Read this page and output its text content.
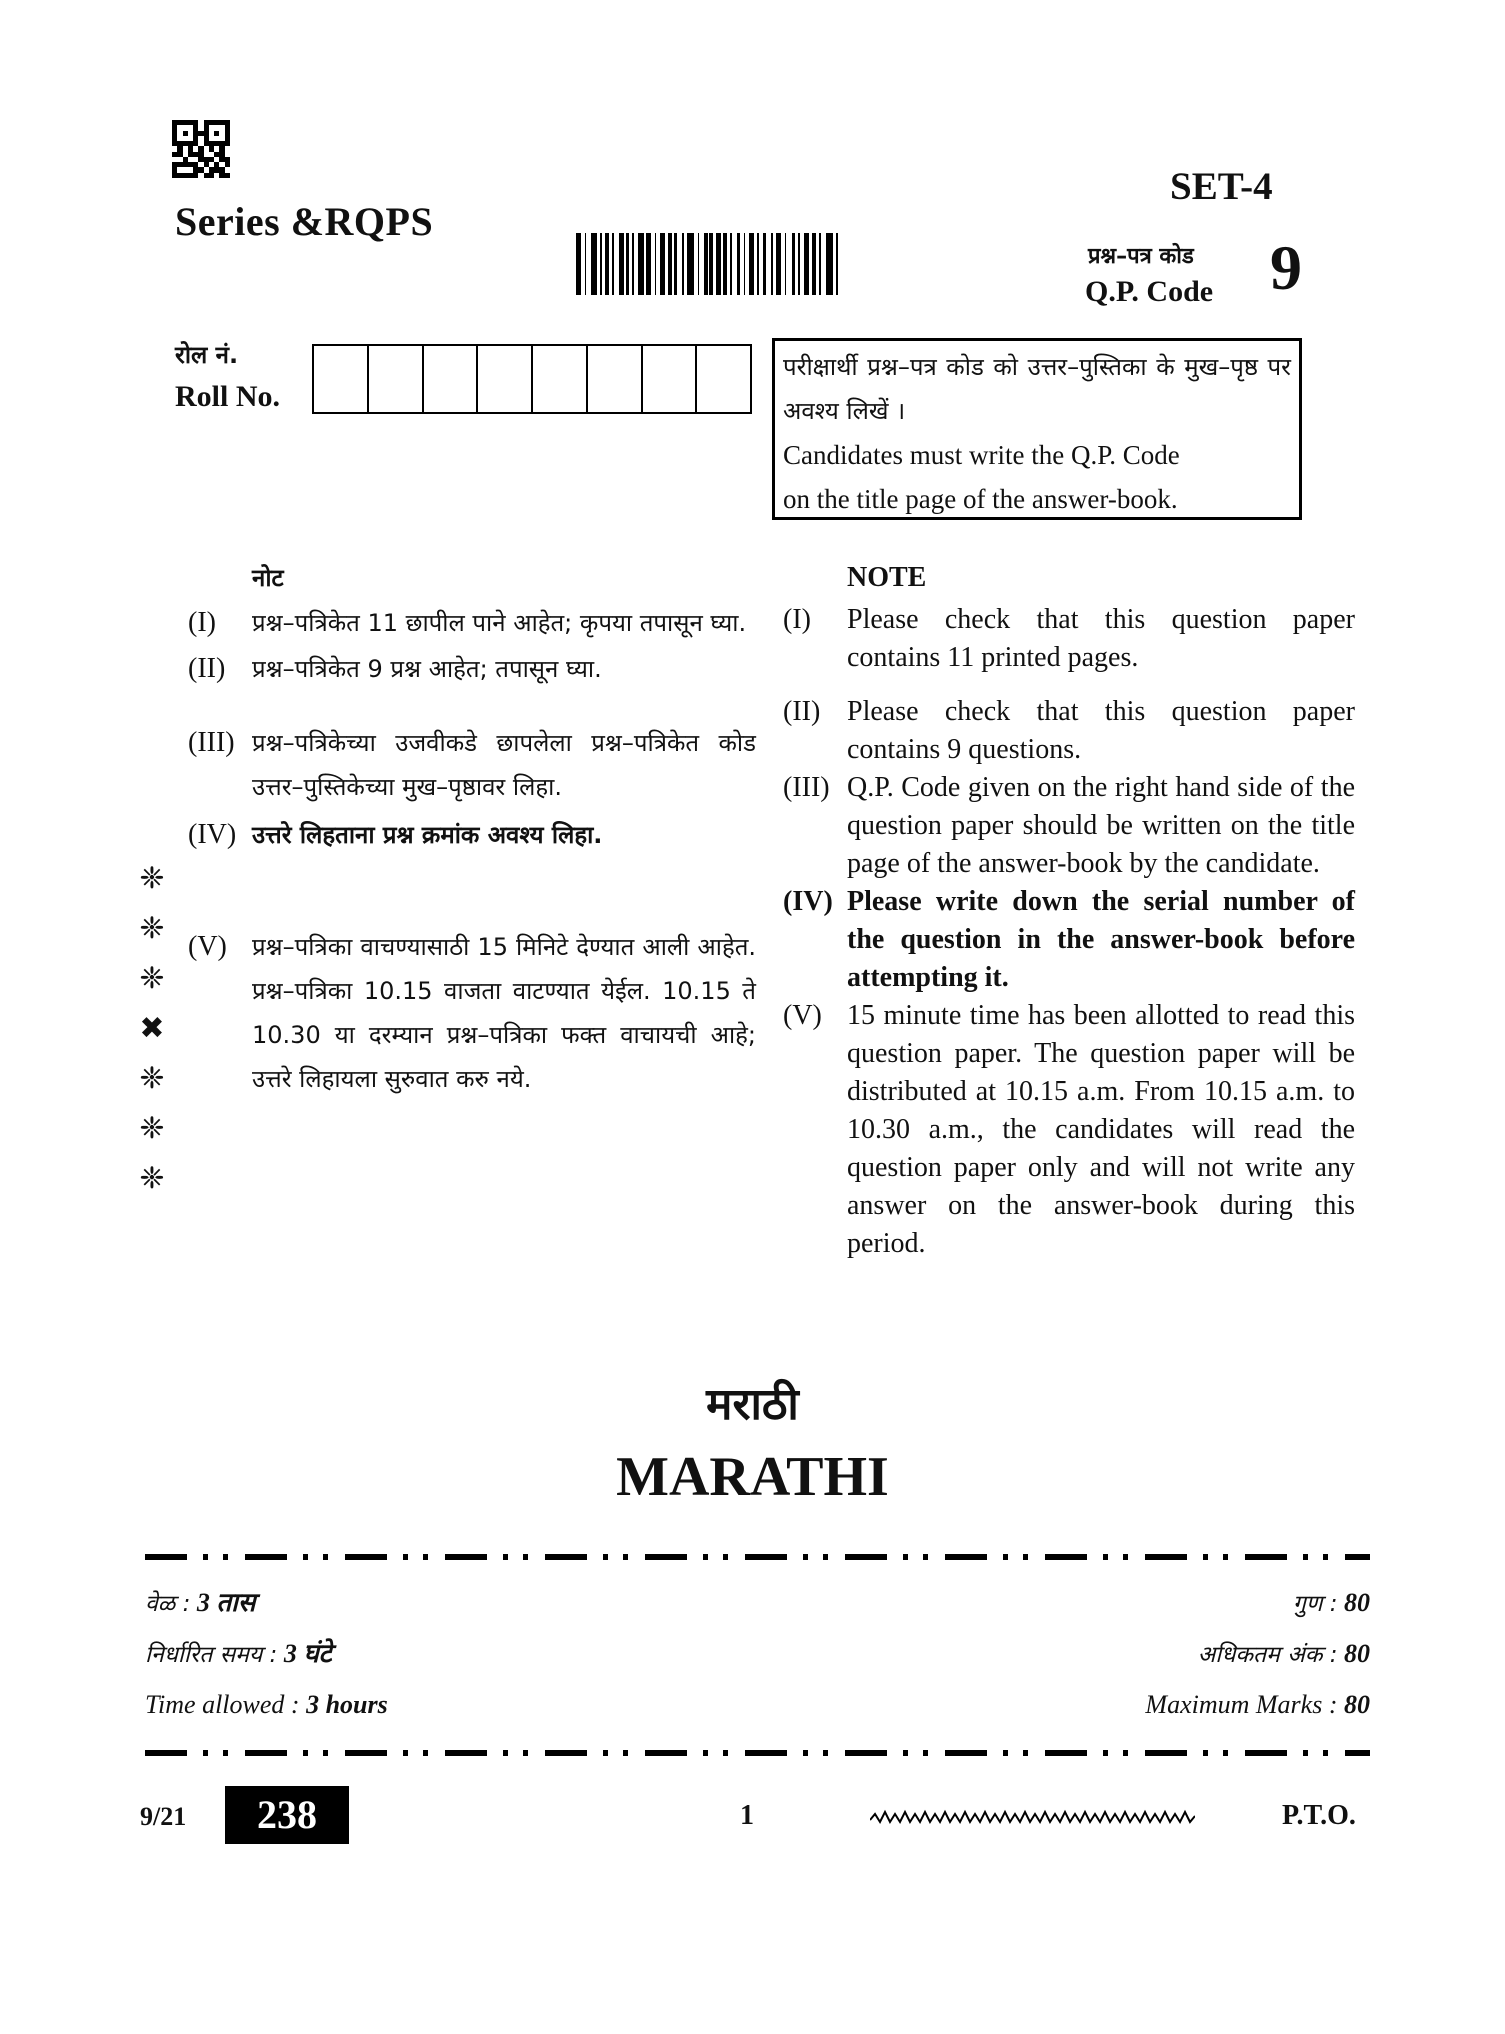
Series &RQPS
SET-4
प्रश्न–पत्र कोड
Q.P. Code 9
रोल नं.
Roll No.
परीक्षार्थी प्रश्न–पत्र कोड को उत्तर–पुस्तिका के मुख–पृष्ठ पर अवश्य लिखें ।
Candidates must write the Q.P. Code
on the title page of the answer-book.
नोट
(I)	प्रश्न–पत्रिकेत 11 छापील पाने आहेत; कृपया तपासून घ्या.
(II)	प्रश्न–पत्रिकेत 9 प्रश्न आहेत; तपासून घ्या.
(III) प्रश्न–पत्रिकेच्या उजवीकडे छापलेला प्रश्न–पत्रिकेत कोड उत्तर–पुस्तिकेच्या मुख–पृष्ठावर लिहा.
(IV) उत्तरे लिहताना प्रश्न क्रमांक अवश्य लिहा.
(V)	प्रश्न–पत्रिका वाचण्यासाठी 15 मिनिटे देण्यात आली आहेत. प्रश्न–पत्रिका 10.15 वाजता वाटण्यात येईल. 10.15 ते 10.30 या दरम्यान प्रश्न–पत्रिका फक्त वाचायची आहे; उत्तरे लिहायला सुरुवात करु नये.
❈
❈
❈
✖
❈
❈
❈
NOTE
(I)	Please check that this question paper contains 11 printed pages.
(II) Please check that this question paper contains 9 questions.
(III) Q.P. Code given on the right hand side of the question paper should be written on the title page of the answer-book by the candidate.
(IV) Please write down the serial number of the question in the answer-book before attempting it.
(V) 15 minute time has been allotted to read this question paper. The question paper will be distributed at 10.15 a.m. From 10.15 a.m. to 10.30 a.m., the candidates will read the question paper only and will not write any answer on the answer-book during this period.
मराठी
MARATHI
वेळ : 3 तास
निर्धारित समय : 3 घंटे
Time allowed : 3 hours
गुण : 80
अधिकतम अंक : 80
Maximum Marks : 80
9/21	238	1	P.T.O.
